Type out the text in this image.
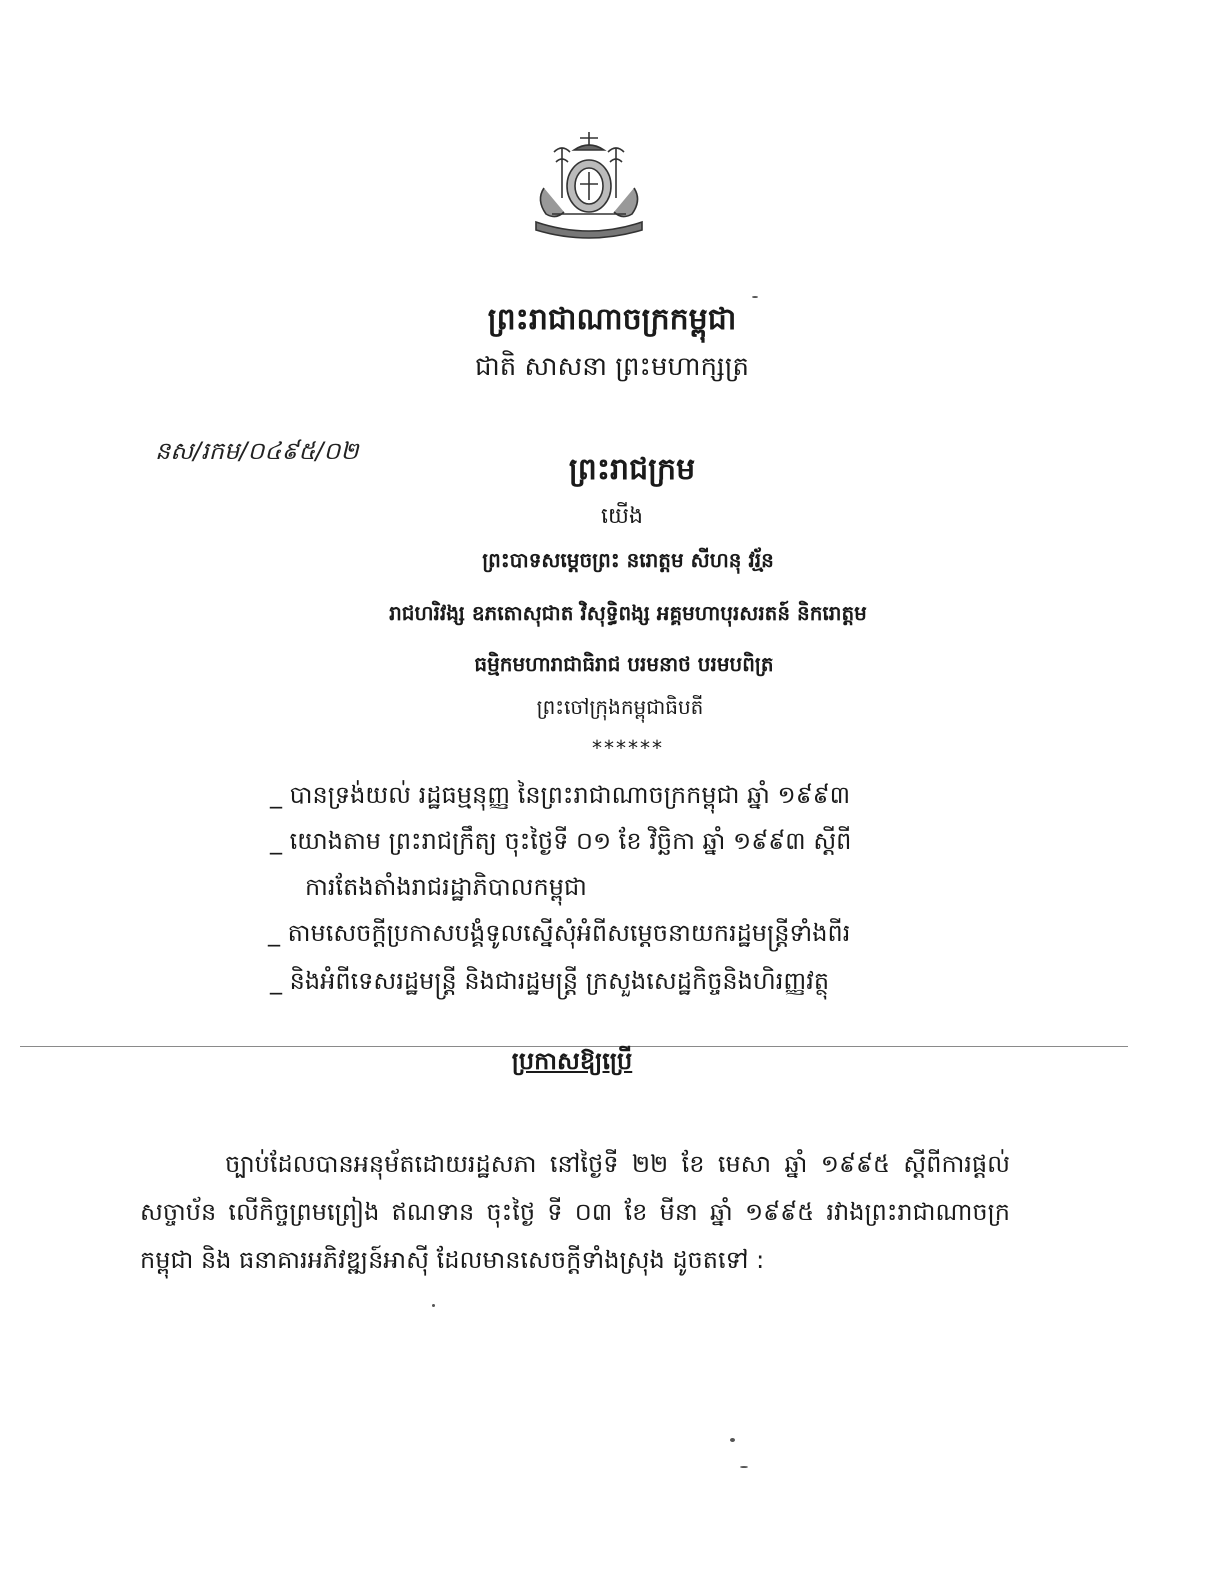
ព្រះរាជាណាចក្រកម្ពុជា
ជាតិ សាសនា ព្រះមហាក្សត្រ
នស/រកម/០៤៩៥/០២
ព្រះរាជក្រម
យើង
ព្រះបាទសម្តេចព្រះ នរោត្តម សីហនុ វរ្ម័ន
រាជហរិវង្ស ឧភតោសុជាត វិសុទ្ធិពង្ស អគ្គមហាបុរសរតន៍ និករោត្តម
ធម្មិកមហារាជាធិរាជ បរមនាថ បរមបពិត្រ
ព្រះចៅក្រុងកម្ពុជាធិបតី
******
_ បានទ្រង់យល់ រដ្ឋធម្មនុញ្ញ នៃព្រះរាជាណាចក្រកម្ពុជា ឆ្នាំ ១៩៩៣
_ យោងតាម ព្រះរាជក្រឹត្យ ចុះថ្ងៃទី ០១ ខែ វិច្ឆិកា ឆ្នាំ ១៩៩៣ ស្តីពី
ការតែងតាំងរាជរដ្ឋាភិបាលកម្ពុជា
_ តាមសេចក្តីប្រកាសបង្គំទូលស្នើសុំអំពីសម្តេចនាយករដ្ឋមន្ត្រីទាំងពីរ
_ និងអំពីទេសរដ្ឋមន្ត្រី និងជារដ្ឋមន្ត្រី ក្រសួងសេដ្ឋកិច្ចនិងហិរញ្ញវត្ថុ
ប្រកាសឱ្យប្រើ
ច្បាប់ដែលបានអនុម័តដោយរដ្ឋសភា នៅថ្ងៃទី ២២ ខែ មេសា ឆ្នាំ ១៩៩៥ ស្តីពីការផ្តល់សច្ចាប័ន លើកិច្ចព្រមព្រៀង ឥណទាន ចុះថ្ងៃ ទី ០៣ ខែ មីនា ឆ្នាំ ១៩៩៥ រវាងព្រះរាជាណាចក្រកម្ពុជា និង ធនាគារអភិវឌ្ឍន៍អាស៊ី ដែលមានសេចក្តីទាំងស្រុង ដូចតទៅ :
